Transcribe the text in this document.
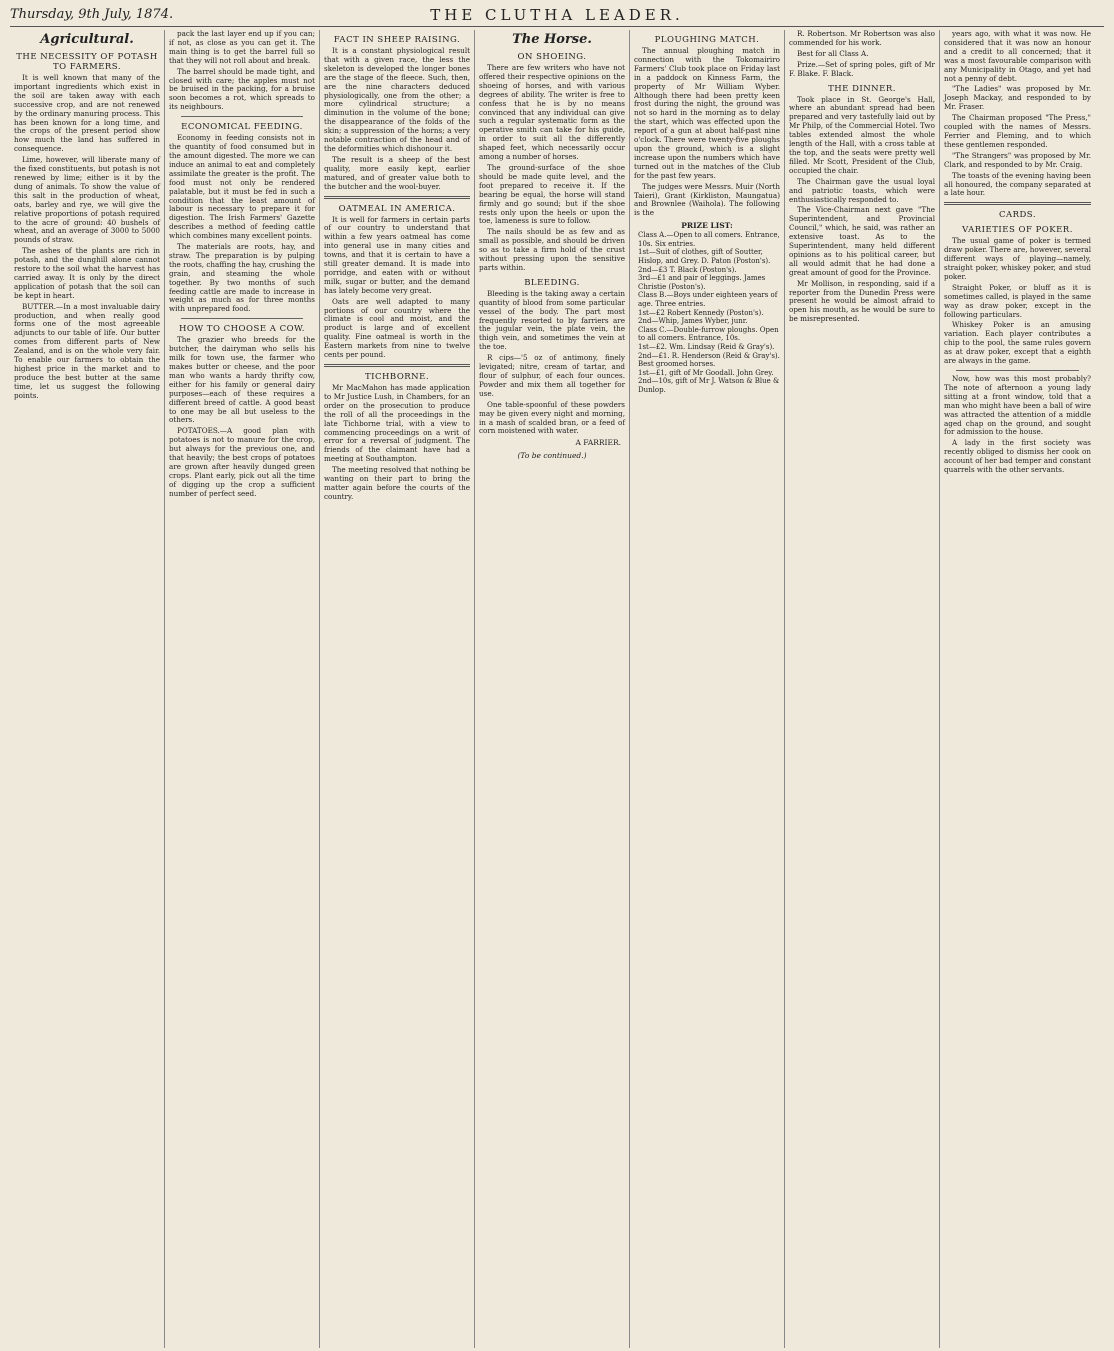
Thursday, 9th July, 1874.	THE CLUTHA LEADER.
Agricultural.
THE NECESSITY OF POTASH TO FARMERS.

It is well known that many of the important ingredients which exist in the soil are taken away with each successive crop, and are not renewed by the ordinary manuring process. This has been known for a long time, and the crops of the present period show how much the land has suffered in consequence.

Lime, however, will liberate many of the fixed constituents, but potash is not renewed by lime; either is it by the dung of animals. To show the value of this salt in the production of wheat, oats, barley and rye, we will give the relative proportions of potash required to the acre of ground: 40 bushels of wheat, and an average of 3000 to 5000 pounds of straw.

The ashes of the plants are rich in potash, and the dunghill alone cannot restore to the soil what the harvest has carried away. It is only by the direct application of potash that the soil can be kept in heart.

BUTTER.—In a most invaluable dairy production, and when really good forms one of the most agreeable adjuncts to our table of life. Our butter comes from different parts of New Zealand, and is on the whole very fair. To enable our farmers to obtain the highest price in the market and to produce the best butter at the same time, let us suggest the following points.

pack the last layer end up if you can; if not, as close as you can get it. The main thing is to get the barrel full so that they will not roll about and break.

The barrel should be made tight, and closed with care; the apples must not be bruised in the packing, for a bruise soon becomes a rot, which spreads to its neighbours.

ECONOMICAL FEEDING.

Economy in feeding consists not in the quantity of food consumed but in the amount digested. The more we can induce an animal to eat and completely assimilate the greater is the profit. The food must not only be rendered palatable, but it must be fed in such a condition that the least amount of labour is necessary to prepare it for digestion. The Irish Farmers' Gazette describes a method of feeding cattle which combines many excellent points.

The materials are roots, hay, and straw. The preparation is by pulping the roots, chaffing the hay, crushing the grain, and steaming the whole together. By two months of such feeding cattle are made to increase in weight as much as for three months with unprepared food.

HOW TO CHOOSE A COW.

The grazier who breeds for the butcher, the dairyman who sells his milk for town use, the farmer who makes butter or cheese, and the poor man who wants a hardy thrifty cow, either for his family or general dairy purposes—each of these requires a different breed of cattle. A good beast to one may be all but useless to the others.

POTATOES.—A good plan with potatoes is not to manure for the crop, but always for the previous one, and that heavily; the best crops of potatoes are grown after heavily dunged green crops. Plant early, pick out all the time of digging up the crop a sufficient number of perfect seed.

FACT IN SHEEP RAISING.

It is a constant physiological result that with a given race, the less the skeleton is developed the longer bones are the stage of the fleece. Such, then, are the nine characters deduced physiologically, one from the other; a more cylindrical structure; a diminution in the volume of the bone; the disappearance of the folds of the skin; a suppression of the horns; a very notable contraction of the head and of the deformities which dishonour it.

The result is a sheep of the best quality, more easily kept, earlier matured, and of greater value both to the butcher and the wool-buyer.

OATMEAL IN AMERICA.

It is well for farmers in certain parts of our country to understand that within a few years oatmeal has come into general use in many cities and towns, and that it is certain to have a still greater demand. It is made into porridge, and eaten with or without milk, sugar or butter, and the demand has lately become very great.

Oats are well adapted to many portions of our country where the climate is cool and moist, and the product is large and of excellent quality. Fine oatmeal is worth in the Eastern markets from nine to twelve cents per pound.

TICHBORNE.

Mr MacMahon has made application to Mr Justice Lush, in Chambers, for an order on the prosecution to produce the roll of all the proceedings in the late Tichborne trial, with a view to commencing proceedings on a writ of error for a reversal of judgment. The friends of the claimant have had a meeting at Southampton.

The meeting resolved that nothing be wanting on their part to bring the matter again before the courts of the country.

The Horse.
ON SHOEING.

There are few writers who have not offered their respective opinions on the shoeing of horses, and with various degrees of ability. The writer is free to confess that he is by no means convinced that any individual can give such a regular systematic form as the operative smith can take for his guide, in order to suit all the differently shaped feet, which necessarily occur among a number of horses.

The ground-surface of the shoe should be made quite level, and the foot prepared to receive it. If the bearing be equal, the horse will stand firmly and go sound; but if the shoe rests only upon the heels or upon the toe, lameness is sure to follow.

The nails should be as few and as small as possible, and should be driven so as to take a firm hold of the crust without pressing upon the sensitive parts within.

BLEEDING.

Bleeding is the taking away a certain quantity of blood from some particular vessel of the body. The part most frequently resorted to by farriers are the jugular vein, the plate vein, the thigh vein, and sometimes the vein at the toe.

R cips—'5 oz of antimony, finely levigated; nitre, cream of tartar, and flour of sulphur, of each four ounces. Powder and mix them all together for use.

One table-spoonful of these powders may be given every night and morning, in a mash of scalded bran, or a feed of corn moistened with water.

A FARRIER.
(To be continued.)
PLOUGHING MATCH.

The annual ploughing match in connection with the Tokomairiro Farmers' Club took place on Friday last in a paddock on Kinness Farm, the property of Mr William Wyber. Although there had been pretty keen frost during the night, the ground was not so hard in the morning as to delay the start, which was effected upon the report of a gun at about half-past nine o'clock. There were twenty-five ploughs upon the ground, which is a slight increase upon the numbers which have turned out in the matches of the Club for the past few years.

The judges were Messrs. Muir (North Taieri), Grant (Kirkliston, Maungatua) and Brownlee (Waihola). The following is the

PRIZE LIST:
Class A.—Open to all comers. Entrance, 10s. Six entries.
1st—Suit of clothes, gift of Soutter, Hislop, and Grey. D. Paton (Poston's).
2nd—£3 T. Black (Poston's).
3rd—£1 and pair of leggings. James Christie (Poston's).
Class B.—Boys under eighteen years of age. Three entries.
1st—£2 Robert Kennedy (Poston's).
2nd—Whip, James Wyber, junr.
Class C.—Double-furrow ploughs. Open to all comers. Entrance, 10s.
1st—£2. Wm. Lindsay (Reid & Gray's).
2nd—£1. R. Henderson (Reid & Gray's).
Best groomed horses.
1st—£1, gift of Mr Goodall. John Grey.
2nd—10s, gift of Mr J. Watson & Blue & Dunlop.

R. Robertson. Mr Robertson was also commended for his work.

Best for all Class A.

Prize.—Set of spring poles, gift of Mr F. Blake. F. Black.

THE DINNER.

Took place in St. George's Hall, where an abundant spread had been prepared and very tastefully laid out by Mr Philp, of the Commercial Hotel. Two tables extended almost the whole length of the Hall, with a cross table at the top, and the seats were pretty well filled. Mr Scott, President of the Club, occupied the chair.

The Chairman gave the usual loyal and patriotic toasts, which were enthusiastically responded to.

The Vice-Chairman next gave "The Superintendent, and Provincial Council," which, he said, was rather an extensive toast. As to the Superintendent, many held different opinions as to his political career, but all would admit that he had done a great amount of good for the Province.

Mr Mollison, in responding, said if a reporter from the Dunedin Press were present he would be almost afraid to open his mouth, as he would be sure to be misrepresented.

years ago, with what it was now. He considered that it was now an honour and a credit to all concerned; that it was a most favourable comparison with any Municipality in Otago, and yet had not a penny of debt.

"The Ladies" was proposed by Mr. Joseph Mackay, and responded to by Mr. Fraser.

The Chairman proposed "The Press," coupled with the names of Messrs. Ferrier and Fleming, and to which these gentlemen responded.

"The Strangers" was proposed by Mr. Clark, and responded to by Mr. Craig.

The toasts of the evening having been all honoured, the company separated at a late hour.

CARDS.
VARIETIES OF POKER.

The usual game of poker is termed draw poker. There are, however, several different ways of playing—namely, straight poker, whiskey poker, and stud poker.

Straight Poker, or bluff as it is sometimes called, is played in the same way as draw poker, except in the following particulars.

Whiskey Poker is an amusing variation. Each player contributes a chip to the pool, the same rules govern as at draw poker, except that a eighth are always in the game.

Now, how was this most probably? The note of afternoon a young lady sitting at a front window, told that a man who might have been a ball of wire was attracted the attention of a middle aged chap on the ground, and sought for admission to the house.

A lady in the first society was recently obliged to dismiss her cook on account of her bad temper and constant quarrels with the other servants.
